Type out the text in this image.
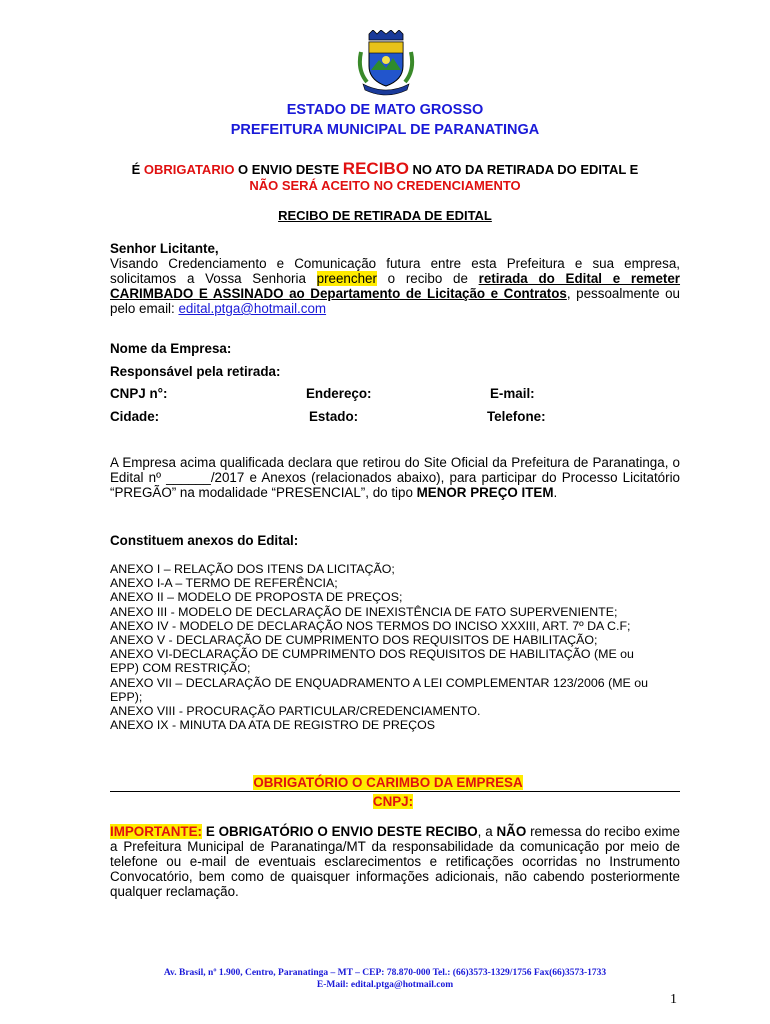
ESTADO DE MATO GROSSO
PREFEITURA MUNICIPAL DE PARANATINGA
É OBRIGATARIO O ENVIO DESTE RECIBO NO ATO DA RETIRADA DO EDITAL E
NÃO SERÁ ACEITO NO CREDENCIAMENTO
RECIBO DE RETIRADA DE EDITAL
Senhor Licitante,
Visando Credenciamento e Comunicação futura entre esta Prefeitura e sua empresa, solicitamos a Vossa Senhoria preencher o recibo de retirada do Edital e remeter CARIMBADO E ASSINADO ao Departamento de Licitação e Contratos, pessoalmente ou pelo email: edital.ptga@hotmail.com
Nome da Empresa:
Responsável pela retirada:
CNPJ n°:	Endereço:	E-mail:
Cidade:	Estado:	Telefone:
A Empresa acima qualificada declara que retirou do Site Oficial da Prefeitura de Paranatinga, o Edital nº ______/2017 e Anexos (relacionados abaixo), para participar do Processo Licitatório “PREGÃO” na modalidade “PRESENCIAL”, do tipo MENOR PREÇO ITEM.
Constituem anexos do Edital:
ANEXO I – RELAÇÃO DOS ITENS DA LICITAÇÃO;
ANEXO I-A – TERMO DE REFERÊNCIA;
ANEXO II – MODELO DE PROPOSTA DE PREÇOS;
ANEXO III - MODELO DE DECLARAÇÃO DE INEXISTÊNCIA DE FATO SUPERVENIENTE;
ANEXO IV - MODELO DE DECLARAÇÃO NOS TERMOS DO INCISO XXXIII, ART. 7º DA C.F;
ANEXO V - DECLARAÇÃO DE CUMPRIMENTO DOS REQUISITOS DE HABILITAÇÃO;
ANEXO VI-DECLARAÇÃO DE CUMPRIMENTO DOS REQUISITOS DE HABILITAÇÃO (ME ou
EPP) COM RESTRIÇÃO;
ANEXO VII – DECLARAÇÃO DE ENQUADRAMENTO A LEI COMPLEMENTAR 123/2006 (ME ou
EPP);
ANEXO VIII - PROCURAÇÃO PARTICULAR/CREDENCIAMENTO.
ANEXO IX - MINUTA DA ATA DE REGISTRO DE PREÇOS
OBRIGATÓRIO O CARIMBO DA EMPRESA
CNPJ:
IMPORTANTE: E OBRIGATÓRIO O ENVIO DESTE RECIBO, a NÃO remessa do recibo exime a Prefeitura Municipal de Paranatinga/MT da responsabilidade da comunicação por meio de telefone ou e-mail de eventuais esclarecimentos e retificações ocorridas no Instrumento Convocatório, bem como de quaisquer informações adicionais, não cabendo posteriormente qualquer reclamação.
Av. Brasil, nº 1.900, Centro, Paranatinga – MT – CEP: 78.870-000 Tel.: (66)3573-1329/1756 Fax(66)3573-1733
E-Mail: edital.ptga@hotmail.com
1
